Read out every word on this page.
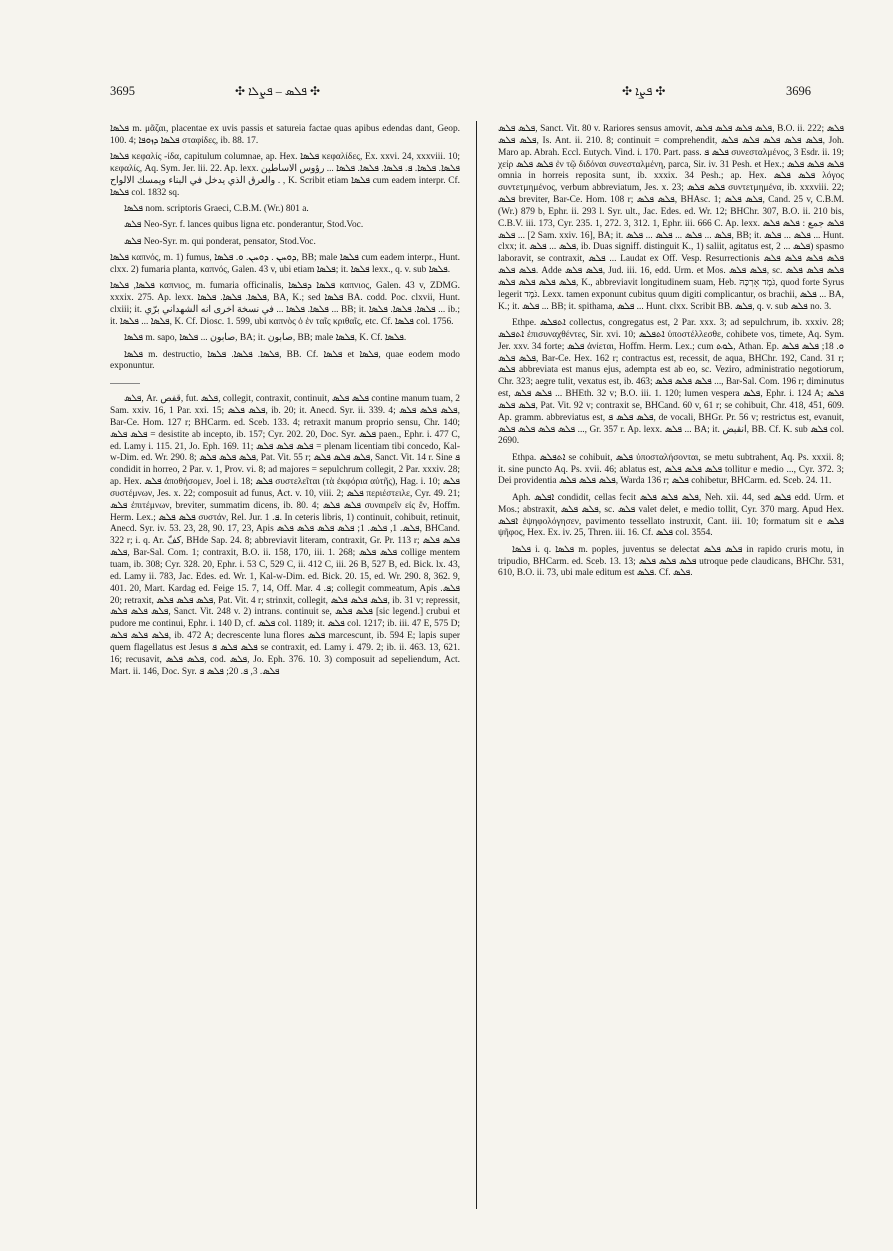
3695	✣ ܦܠܣ ‒ ܦܨܠܐ ✣	✣ ܦܨܐ ✣	3696

ܦܠܣܐ m. μᾶζαι, placentae ex uvis passis et satureia factae quas apibus edendas dant, Geop. 100. 4; ܦܠܣܐ ܕܙܘܦܐ σταφίδες, ib. 88. 17.

ܦܠܣܐ κεφαλίς -ίδα, capitulum columnae, ap. Hex. ܦܠܣܐ κεφαλίδες, Ex. xxvi. 24, xxxviii. 10; κεφαλίς, Aq. Sym. Jer. lii. 22. Ap. lexx. ܦܠܣܐ. ܦܠܣܐ. ܦ. ܦܠܣܐ. ܦܠܣܐ. ܦܠܣܐ ... رؤوس الاساطين . والعرق الذي يدخل في البناء ويمسك الالواح , K. Scribit etiam ܦܠܣܐ cum eadem interpr. Cf. ܦܠܣܐ col. 1832 sq.

ܦܠܣܐ nom. scriptoris Graeci, C.B.M. (Wr.) 801 a.

ܦܠܣ Neo-Syr. f. lances quibus ligna etc. ponderantur, Stod.Voc.

ܦܠܣ Neo-Syr. m. qui ponderat, pensator, Stod.Voc.

ܦܠܣܐ καπνός, m. 1) fumus, ܕܘܚܢ . ܕܘܚܢ. ܘ. ܦܠܣܐ, BB; male ܦܠܣܐ cum eadem interpr., Hunt. clxx. 2) fumaria planta, καπνός, Galen. 43 v, ubi etiam ܦܠܣܐ; it. ܦܠܣܐ lexx., q. v. sub ܦܠܣܐ.

ܦܠܣܐ, ܦܠܣܐ καπνιος, m. fumaria officinalis, ܦܠܣܐ ܕܦܠܣܐ καπνιος, Galen. 43 v, ZDMG. xxxix. 275. Ap. lexx. ܦܠܣܐ. ܦܠܣܐ. ܦܠܣܐ, BA, K.; sed ܦܠܣܐ BA. codd. Poc. clxvii, Hunt. clxiii; it. ܦܠܣܐ. ܦܠܣܐ ... في نسخة اخرى انه الشهداني برّي ... BB; it. ܦܠܣܐ. ܦܠܣܐ. ܦܠܣܐ ... ib.; it. ܦܠܣܐ ... ܦܠܣܐ, K. Cf. Diosc. 1. 599, ubi καπνὸς ὁ ἐν ταῖς κριθαῖς, etc. Cf. ܦܠܣܐ col. 1756.

ܦܠܣܐ m. sapo, صابون ... ܦܠܣܐ, BA; it. صابون, BB; male ܦܠܣܐ, K. Cf. ܦܠܣܐ.

ܦܠܣܐ m. destructio, ܦܠܣܐ. ܦܠܣܐ. ܦܠܣܐ, BB. Cf. ܦܠܣܐ et ܦܠܣܐ, quae eodem modo exponuntur.

ܦܠܣ, Ar. قفص, fut. ܦܠܣ, collegit, contraxit, continuit, ܦܠܣ ܦܠܣ contine manum tuam, 2 Sam. xxiv. 16, 1 Par. xxi. 15; ܦܠܣ ܦܠܣ, ib. 20; it. Anecd. Syr. ii. 339. 4; ܦܠܣ ܦܠܣ ܦܠܣ, Bar-Ce. Hom. 127 r; BHCarm. ed. Sceb. 133. 4; retraxit manum proprio sensu, Chr. 140; ܦܠܣ ܦܠܣ = desistite ab incepto, ib. 157; Cyr. 202. 20, Doc. Syr. ܦܠܣ paen., Ephr. i. 477 C, ed. Lamy i. 115. 21, Jo. Eph. 169. 11; ܦܠܣ ܦܠܣ ܦܠܣ = plenam licentiam tibi concedo, Kal-w-Dim. ed. Wr. 290. 8; ܦܠܣ ܦܠܣ ܦܠܣ, Pat. Vit. 55 r; ܦܠܣ ܦܠܣ ܦܠܣ, Sanct. Vit. 14 r. Sine ܦ condidit in horreo, 2 Par. v. 1, Prov. vi. 8; ad majores = sepulchrum collegit, 2 Par. xxxiv. 28; ap. Hex. ܦܠܣ ἀποθήσομεν, Joel i. 18; ܦܠܣ συστελεῖται (τὰ ἐκφόρια αὐτῆς), Hag. i. 10; ܦܠܣ συστέμνων, Jes. x. 22; composuit ad funus, Act. v. 10, viii. 2; ܦܠܣ περιέστειλε, Cyr. 49. 21; ܦܠܣ ἐπιτέμνων, breviter, summatim dicens, ib. 80. 4; ܦܠܣ ܦܠܣ συναιρεῖν εἰς ἕν, Hoffm. Herm. Lex.; ܦܠܣ ܦܠܣ συστάν, Rel. Jur. ܦ. 1. In ceteris libris, 1) continuit, cohibuit, retinuit, Anecd. Syr. iv. 53. 23, 28, 90. 17, 23, Apis ܦܠܣ. 1, ܦܠܣ. 1; ܦܠܣ ܦܠܣ ܦܠܣ ܦܠܣ, BHCand. 322 r; i. q. Ar. كفّ, BHde Sap. 24. 8; abbreviavit literam, contraxit, Gr. Pr. 113 r; ܦܠܣ ܦܠܣ ܦܠܣ, Bar-Sal. Com. 1; contraxit, B.O. ii. 158, 170, iii. 1. 268; ܦܠܣ ܦܠܣ collige mentem tuam, ib. 308; Cyr. 328. 20, Ephr. i. 53 C, 529 C, ii. 412 C, iii. 26 B, 527 B, ed. Bick. lx. 43, ed. Lamy ii. 783, Jac. Edes. ed. Wr. 1, Kal-w-Dim. ed. Bick. 20. 15, ed. Wr. 290. 8, 362. 9, 401. 20, Mart. Kardag ed. Feige 15. 7, 14, Off. Mar. ܦ. 4; collegit commeatum, Apis ܦܠܣ. 20; retraxit, ܦܠܣ ܦܠܣ ܦܠܣ, Pat. Vit. 4 r; strinxit, collegit, ܦܠܣ ܦܠܣ ܦܠܣ, ib. 31 v; repressit, ܦܠܣ ܦܠܣ ܦܠܣ, Sanct. Vit. 248 v. 2) intrans. continuit se, ܦܠܣ ܦܠܣ [sic legend.] crubui et pudore me continui, Ephr. i. 140 D, cf. ܦܠܣ col. 1189; it. ܦܠܣ col. 1217; ib. iii. 47 E, 575 D; ܦܠܣ ܦܠܣ ܦܠܣ, ib. 472 A; decrescente luna flores ܦܠܣ marcescunt, ib. 594 E; lapis super quem flagellatus est Jesus ܦܠܣ ܦܠܣ ܦ se contraxit, ed. Lamy i. 479. 2; ib. ii. 463. 13, 621. 16; recusavit, ܦܠܣ ܦܠܣ, cod. ܦܠܣ, Jo. Eph. 376. 10. 3) composuit ad sepeliendum, Act. Mart. ii. 146, Doc. Syr. ܦܠܣ. 3, ܦ. 20; ܦܠܣ ܦ

ܦܠܣ ܦܠܣ, Sanct. Vit. 80 v. Rariores sensus amovit, ܦܠܣ ܦܠܣ ܦܠܣ ܦܠܣ, B.O. ii. 222; ܦܠܣ ܦܠܣ ܦܠܣ, Is. Ant. ii. 210. 8; continuit = comprehendit, ܦܠܣ ܦܠܣ ܦܠܣ ܦܠܣ ܦܠܣ, Joh. Maro ap. Abrah. Eccl. Eutych. Vind. i. 170. Part. pass. ܦܠܣ ܦ συνεσταλμένος, 3 Esdr. ii. 19; χείρ ܦܠܣ ܦܠܣ ἐν τῷ διδόναι συνεσταλμένη, parca, Sir. iv. 31 Pesh. et Hex.; ܦܠܣ ܦܠܣ ܦܠܣ omnia in horreis reposita sunt, ib. xxxix. 34 Pesh.; ap. Hex. ܦܠܣ ܦܠܣ λόγος συντετμημένος, verbum abbreviatum, Jes. x. 23; ܦܠܣ ܦܠܣ συντετμημένα, ib. xxxviii. 22; ܦܠܣ breviter, Bar-Ce. Hom. 108 r; ܦܠܣ ܦܠܣ, BHAsc. 1; ܦܠܣ ܦܠܣ, Cand. 25 v, C.B.M. (Wr.) 879 b, Ephr. ii. 293 l. Syr. ult., Jac. Edes. ed. Wr. 12; BHChr. 307, B.O. ii. 210 bis, C.B.V. iii. 173, Cyr. 235. 1, 272. 3, 312. 1, Ephr. iii. 666 C. Ap. lexx. ܦܠܣ جمع : ܦܠܣ ܦܠܣ ... ܦܠܣ [2 Sam. xxiv. 16], BA; it. ܦܠܣ ... ܦܠܣ ... ܦܠܣ ... ܦܠܣ, BB; it. ܦܠܣ ... ܦܠܣ ... Hunt. clxx; it. ܦܠܣ ... ܦܠܣ, ib. Duas signiff. distinguit K., 1) saliit, agitatus est, ܦܠܣ ... 2) spasmo laboravit, se contraxit, ܦܠܣ ... Laudat ex Off. Vesp. Resurrectionis ܦܠܣ ܦܠܣ ܦܠܣ ܦܠܣ ܦܠܣ ܦܠܣ. Adde ܦܠܣ ܦܠܣ, Jud. iii. 16, edd. Urm. et Mos. ܦܠܣ ܦܠܣ, sc. ܦܠܣ ܦܠܣ ܦܠܣ ܦܠܣ ܦܠܣ ܦܠܣ ܦܠܣ, K., abbreviavit longitudinem suam, Heb. גֹּמֶד אָרְכָּהּ, quod forte Syrus legerit גֹּמֶד. Lexx. tamen exponunt cubitus quum digiti complicantur, os brachii, ܦܠܣ ... BA, K.; it. ܦܠܣ ... BB; it. spithama, ܦܠܣ ... Hunt. clxx. Scribit BB. ܦܠܣ, q. v. sub ܦܠܣ no. 3.

Ethpe. ܐܬܦܠܣ collectus, congregatus est, 2 Par. xxx. 3; ad sepulchrum, ib. xxxiv. 28; ܐܬܦܠܣ ἐπισυναχθέντες, Sir. xvi. 10; ܐܬܦܠܣ ὑποστέλλεσθε, cohibete vos, timete, Aq. Sym. Jer. xxv. 34 forte; ܦܠܣ ἀνίεται, Hoffm. Herm. Lex.; cum ܠܘܬ, Athan. Ep. ܘ. 18; ܦܠܣ ܦܠܣ ܦܠܣ ܦܠܣ, Bar-Ce. Hex. 162 r; contractus est, recessit, de aqua, BHChr. 192, Cand. 31 r; ܦܠܣ abbreviata est manus ejus, adempta est ab eo, sc. Veziro, administratio negotiorum, Chr. 323; aegre tulit, vexatus est, ib. 463; ܦܠܣ ܦܠܣ ܦܠܣ ..., Bar-Sal. Com. 196 r; diminutus est, ܦܠܣ ܦܠܣ ... BHEth. 32 v; B.O. iii. 1. 120; lumen vespera ܦܠܣ, Ephr. i. 124 A; ܦܠܣ ܦܠܣ ܦܠܣ, Pat. Vit. 92 v; contraxit se, BHCand. 60 v, 61 r; se cohibuit, Chr. 418, 451, 609. Ap. gramm. abbreviatus est, ܦܠܣ ܦܠܣ ܦ, de vocali, BHGr. Pr. 56 v; restrictus est, evanuit, ܦܠܣ ܦܠܣ ܦܠܣ ܦܠܣ ..., Gr. 357 r. Ap. lexx. ܦܠܣ ... BA; it. انقبض, BB. Cf. K. sub ܦܠܣ col. 2690.

Ethpa. ܐܬܦܠܣ se cohibuit, ܦܠܣ ὑποσταλήσονται, se metu subtrahent, Aq. Ps. xxxii. 8; it. sine puncto Aq. Ps. xvii. 46; ablatus est, ܦܠܣ ܦܠܣ ܦܠܣ tollitur e medio ..., Cyr. 372. 3; Dei providentia ܦܠܣ ܦܠܣ ܦܠܣ, Warda 136 r; ܦܠܣ cohibetur, BHCarm. ed. Sceb. 24. 11.

Aph. ܐܦܠܣ condidit, cellas fecit ܦܠܣ ܦܠܣ ܦܠܣ, Neh. xii. 44, sed ܦܠܣ edd. Urm. et Mos.; abstraxit, ܦܠܣ ܦܠܣ, sc. ܦܠܣ valet delet, e medio tollit, Cyr. 370 marg. Apud Hex. ܐܦܠܣ ἐψηφολόγησεν, pavimento tessellato instruxit, Cant. iii. 10; formatum sit e ܦܠܣ ψῆφος, Hex. Ex. iv. 25, Thren. iii. 16. Cf. ܦܠܣ col. 3554.

ܦܠܣܐ i. q. ܦܠܣܐ m. poples, juventus se delectat ܦܠܣ ܦܠܣ in rapido cruris motu, in tripudio, BHCarm. ed. Sceb. 13. 13; ܦܠܣ ܦܠܣ ܦܠܣ utroque pede claudicans, BHChr. 531, 610, B.O. ii. 73, ubi male editum est ܦܠܣ. Cf. ܦܠܣ.
